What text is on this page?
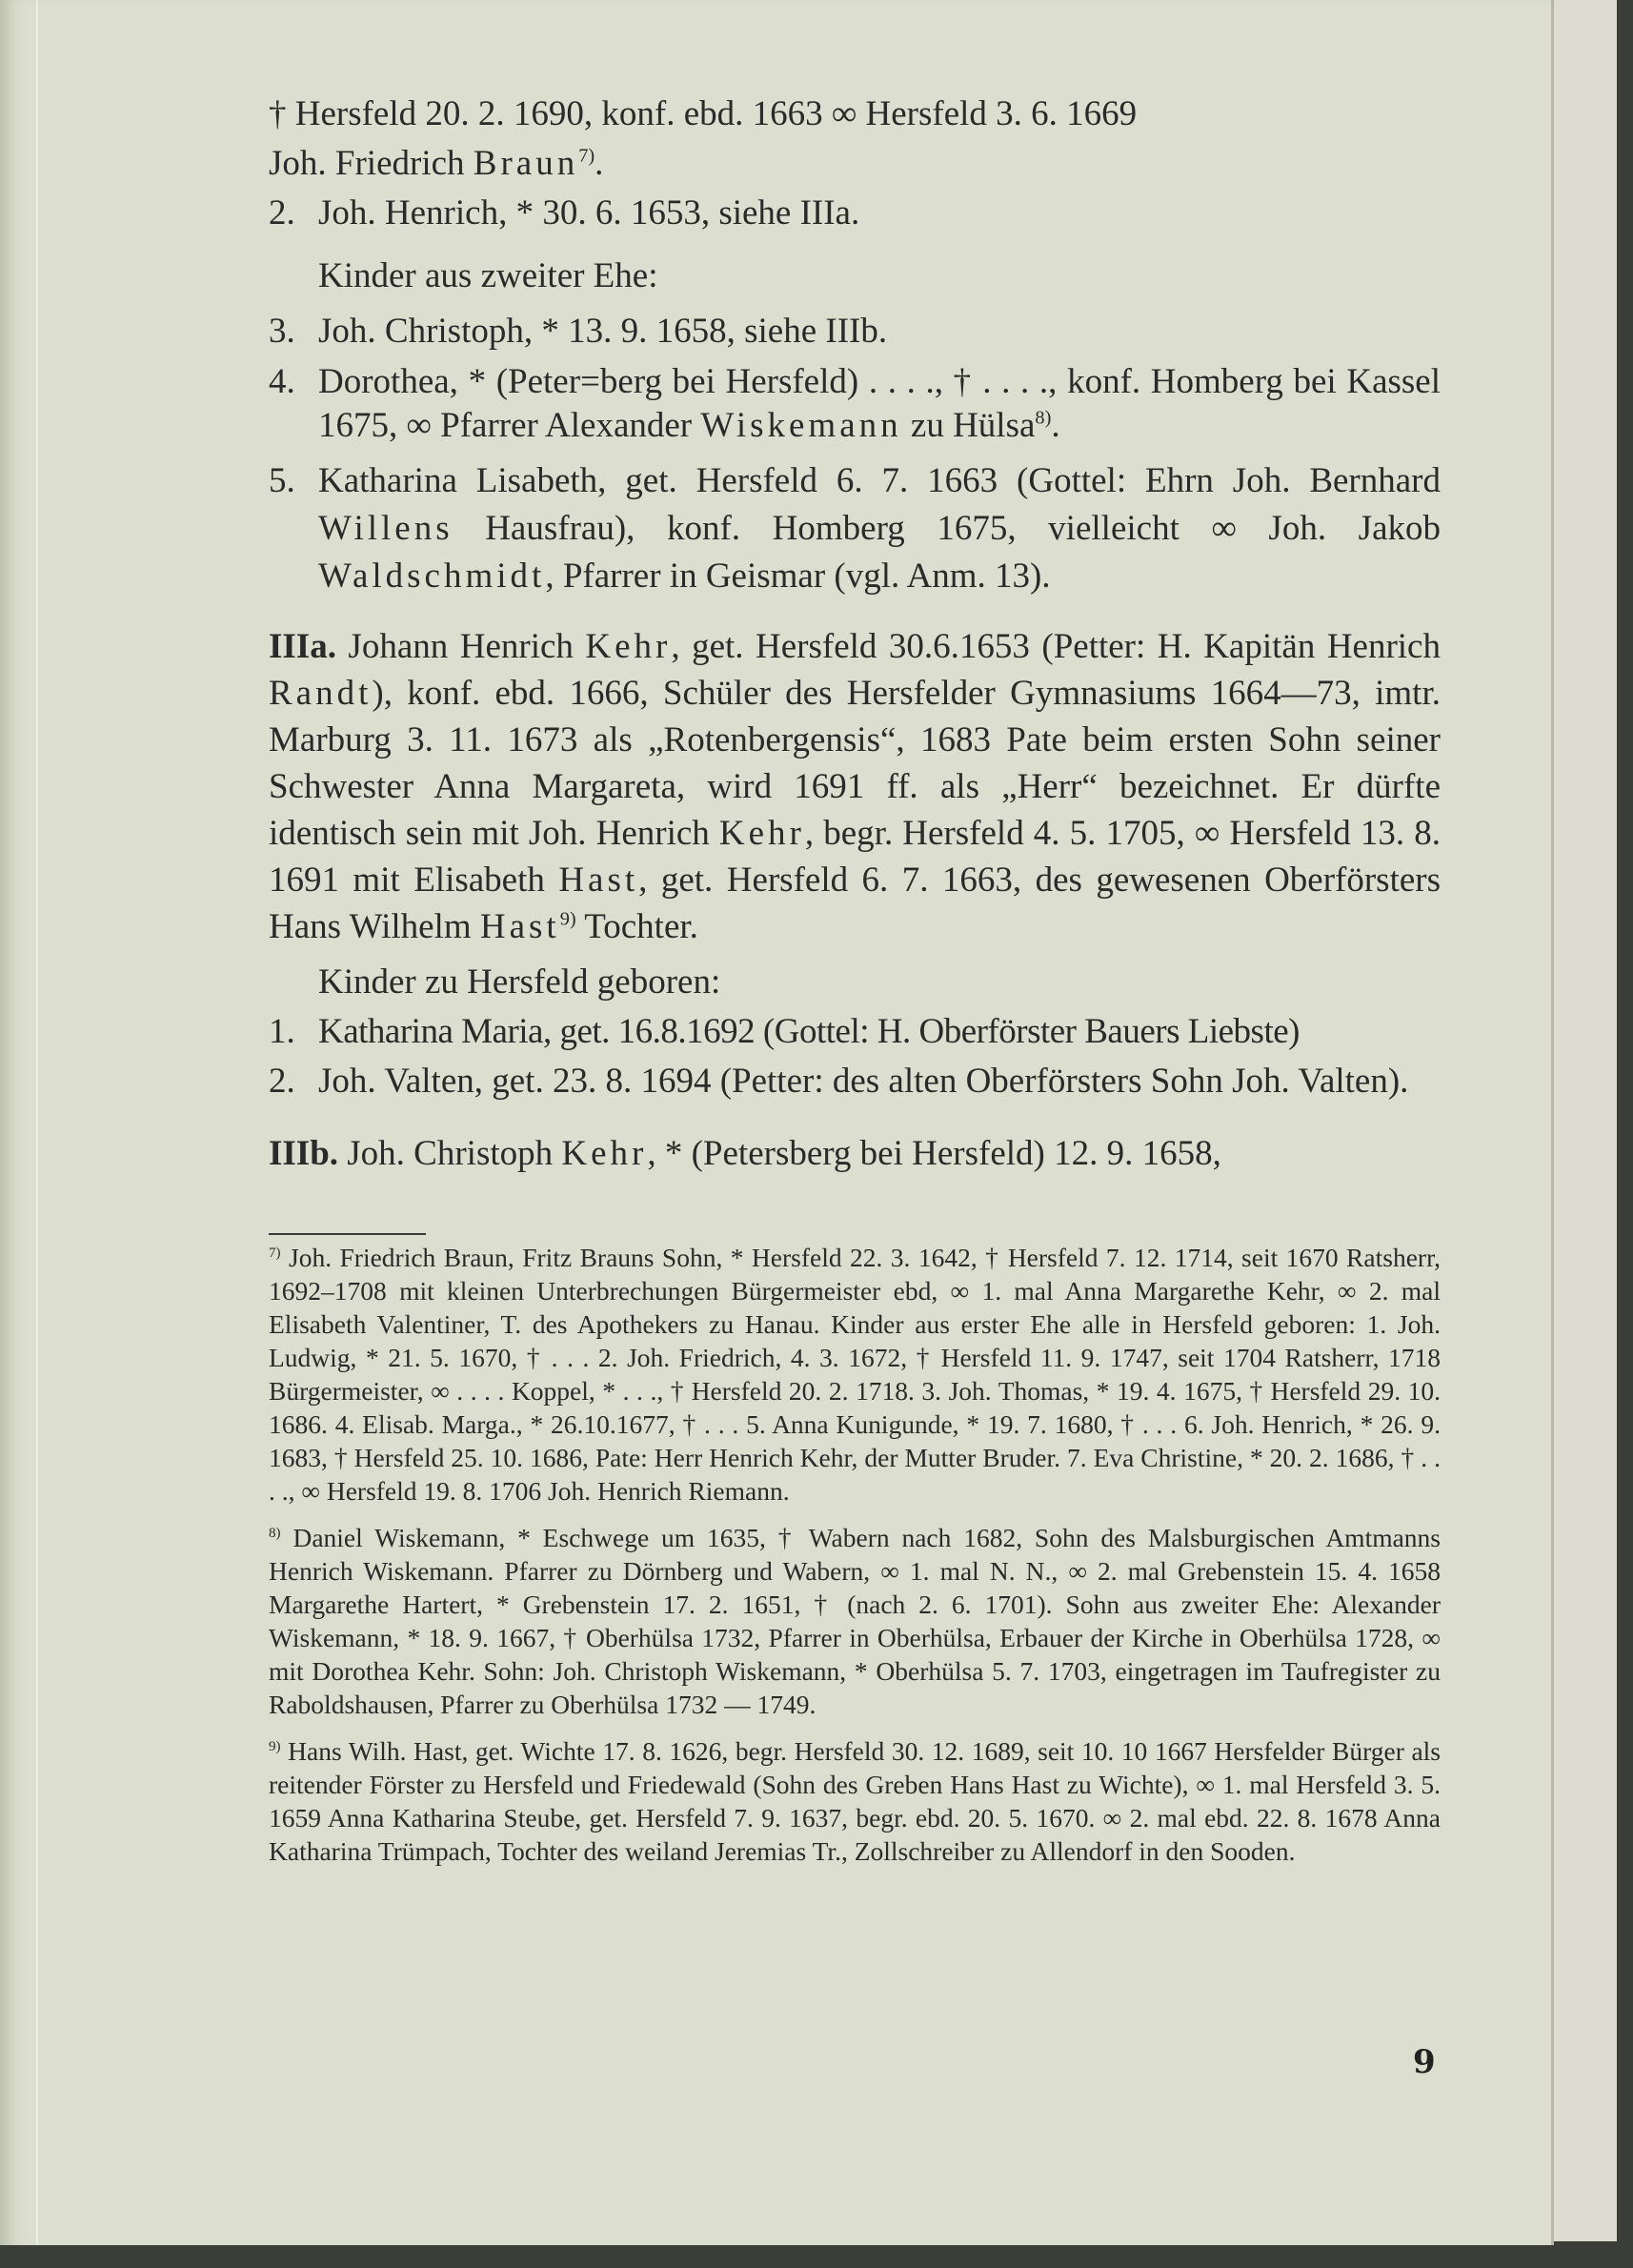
† Hersfeld 20. 2. 1690, konf. ebd. 1663 ∞ Hersfeld 3. 6. 1669

Joh. Friedrich Braun$^{7)}$.

2. Joh. Henrich, * 30. 6. 1653, siehe IIIa.

Kinder aus zweiter Ehe:

3. Joh. Christoph, * 13. 9. 1658, siehe IIIb.

4. Dorothea, * (Peter=berg bei Hersfeld) . . . ., † . . . ., konf. Homberg bei Kassel 1675, ∞ Pfarrer Alexander Wiskemann zu Hülsa$^{8)}$.

5. Katharina Lisabeth, get. Hersfeld 6. 7. 1663 (Gottel: Ehrn Joh. Bernhard Willens Hausfrau), konf. Homberg 1675, vielleicht ∞ Joh. Jakob Waldschmidt, Pfarrer in Geismar (vgl. Anm. 13).

IIIa. Johann Henrich Kehr, get. Hersfeld 30.6.1653 (Petter: H. Kapitän Henrich Randt), konf. ebd. 1666, Schüler des Hersfelder Gymnasiums 1664—73, imtr. Marburg 3. 11. 1673 als „Rotenbergensis“, 1683 Pate beim ersten Sohn seiner Schwester Anna Margareta, wird 1691 ff. als „Herr“ bezeichnet. Er dürfte identisch sein mit Joh. Henrich Kehr, begr. Hersfeld 4. 5. 1705, ∞ Hersfeld 13. 8. 1691 mit Elisabeth Hast, get. Hersfeld 6. 7. 1663, des gewesenen Oberförsters Hans Wilhelm Hast$^{9)}$ Tochter.

Kinder zu Hersfeld geboren:

1. Katharina Maria, get. 16.8.1692 (Gottel: H. Oberförster Bauers Liebste)

2. Joh. Valten, get. 23. 8. 1694 (Petter: des alten Oberförsters Sohn Joh. Valten).

IIIb. Joh. Christoph Kehr, * (Petersberg bei Hersfeld) 12. 9. 1658,

$^{7)}$ Joh. Friedrich Braun, Fritz Brauns Sohn, * Hersfeld 22. 3. 1642, † Hersfeld 7. 12. 1714, seit 1670 Ratsherr, 1692–1708 mit kleinen Unterbrechungen Bürgermeister ebd, ∞ 1. mal Anna Margarethe Kehr, ∞ 2. mal Elisabeth Valentiner, T. des Apothekers zu Hanau. Kinder aus erster Ehe alle in Hersfeld geboren: 1. Joh. Ludwig, * 21. 5. 1670, † . . . 2. Joh. Friedrich, 4. 3. 1672, † Hersfeld 11. 9. 1747, seit 1704 Ratsherr, 1718 Bürgermeister, ∞ . . . . Koppel, * . . ., † Hersfeld 20. 2. 1718. 3. Joh. Thomas, * 19. 4. 1675, † Hersfeld 29. 10. 1686. 4. Elisab. Marga., * 26.10.1677, † . . . 5. Anna Kunigunde, * 19. 7. 1680, † . . . 6. Joh. Henrich, * 26. 9. 1683, † Hersfeld 25. 10. 1686, Pate: Herr Henrich Kehr, der Mutter Bruder. 7. Eva Christine, * 20. 2. 1686, † . . . ., ∞ Hersfeld 19. 8. 1706 Joh. Henrich Riemann.

$^{8)}$ Daniel Wiskemann, * Eschwege um 1635, † Wabern nach 1682, Sohn des Malsburgischen Amtmanns Henrich Wiskemann. Pfarrer zu Dörnberg und Wabern, ∞ 1. mal N. N., ∞ 2. mal Grebenstein 15. 4. 1658 Margarethe Hartert, * Grebenstein 17. 2. 1651, † (nach 2. 6. 1701). Sohn aus zweiter Ehe: Alexander Wiskemann, * 18. 9. 1667, † Oberhülsa 1732, Pfarrer in Oberhülsa, Erbauer der Kirche in Oberhülsa 1728, ∞ mit Dorothea Kehr. Sohn: Joh. Christoph Wiskemann, * Oberhülsa 5. 7. 1703, eingetragen im Taufregister zu Raboldshausen, Pfarrer zu Oberhülsa 1732 — 1749.

$^{9)}$ Hans Wilh. Hast, get. Wichte 17. 8. 1626, begr. Hersfeld 30. 12. 1689, seit 10. 10 1667 Hersfelder Bürger als reitender Förster zu Hersfeld und Friedewald (Sohn des Greben Hans Hast zu Wichte), ∞ 1. mal Hersfeld 3. 5. 1659 Anna Katharina Steube, get. Hersfeld 7. 9. 1637, begr. ebd. 20. 5. 1670. ∞ 2. mal ebd. 22. 8. 1678 Anna Katharina Trümpach, Tochter des weiland Jeremias Tr., Zollschreiber zu Allendorf in den Sooden.

9
